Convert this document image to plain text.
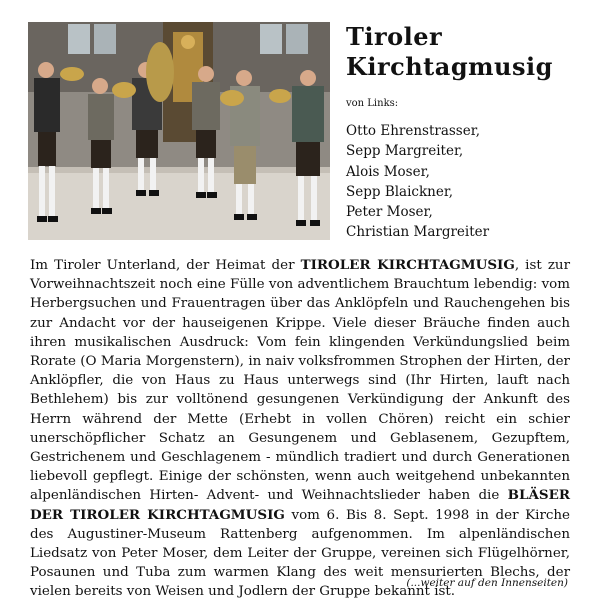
Tiroler
Kirchtagmusig
von Links:
Otto Ehrenstrasser,
Sepp Margreiter,
Alois Moser,
Sepp Blaickner,
Peter Moser,
Christian Margreiter

Im Tiroler Unterland, der Heimat der TIROLER KIRCHTAGMUSIG, ist zur Vorweihnachtszeit noch eine Fülle von adventlichem Brauchtum lebendig: vom Herbergsuchen und Frauentragen über das Anklöpfeln und Rauchengehen bis zur Andacht vor der hauseigenen Krippe. Viele dieser Bräuche finden auch ihren musikalischen Ausdruck: Vom fein klingenden Verkündungslied beim Rorate (O Maria Morgenstern), in naiv volksfrommen Strophen der Hirten, der Anklöpfler, die von Haus zu Haus unterwegs sind (Ihr Hirten, lauft nach Bethlehem) bis zur volltönend gesungenen Verkündigung der Ankunft des Herrn während der Mette (Erhebt in vollen Chören) reicht ein schier unerschöpflicher Schatz an Gesungenem und Geblasenem, Gezupftem, Gestrichenem und Geschlagenem - mündlich tradiert und durch Generationen liebevoll gepflegt. Einige der schönsten, wenn auch weitgehend unbekannten alpenländischen Hirten- Advent- und Weihnachtslieder haben die BLÄSER DER TIROLER KIRCHTAGMUSIG vom 6. Bis 8. Sept. 1998 in der Kirche des Augustiner-Museum Rattenberg aufgenommen. Im alpenländischen Liedsatz von Peter Moser, dem Leiter der Gruppe, vereinen sich Flügelhörner, Posaunen und Tuba zum warmen Klang des weit mensurierten Blechs, der vielen bereits von Weisen und Jodlern der Gruppe bekannt ist.

(...weiter auf den Innenseiten)
